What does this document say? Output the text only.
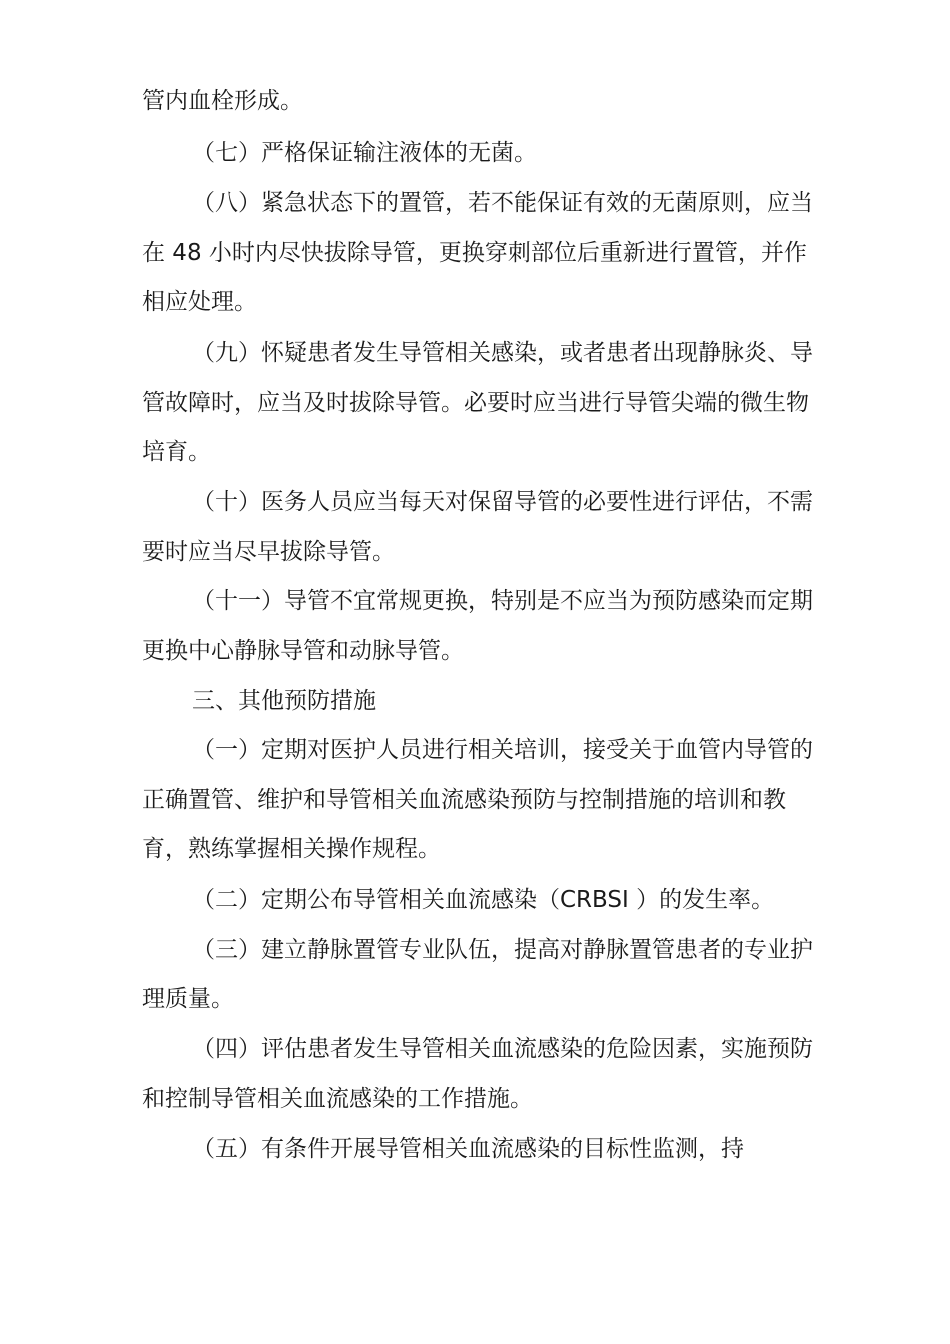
管内血栓形成。
（七）严格保证输注液体的无菌。
（八）紧急状态下的置管，若不能保证有效的无菌原则，应当
在 48 小时内尽快拔除导管，更换穿刺部位后重新进行置管，并作
相应处理。
（九）怀疑患者发生导管相关感染，或者患者出现静脉炎、导
管故障时，应当及时拔除导管。必要时应当进行导管尖端的微生物
培育。
（十）医务人员应当每天对保留导管的必要性进行评估，不需
要时应当尽早拔除导管。
（十一）导管不宜常规更换，特别是不应当为预防感染而定期
更换中心静脉导管和动脉导管。
三、其他预防措施
（一）定期对医护人员进行相关培训，接受关于血管内导管的
正确置管、维护和导管相关血流感染预防与控制措施的培训和教
育，熟练掌握相关操作规程。
（二）定期公布导管相关血流感染（CRBSI ）的发生率。
（三）建立静脉置管专业队伍，提高对静脉置管患者的专业护
理质量。
（四）评估患者发生导管相关血流感染的危险因素，实施预防
和控制导管相关血流感染的工作措施。
（五）有条件开展导管相关血流感染的目标性监测，持
